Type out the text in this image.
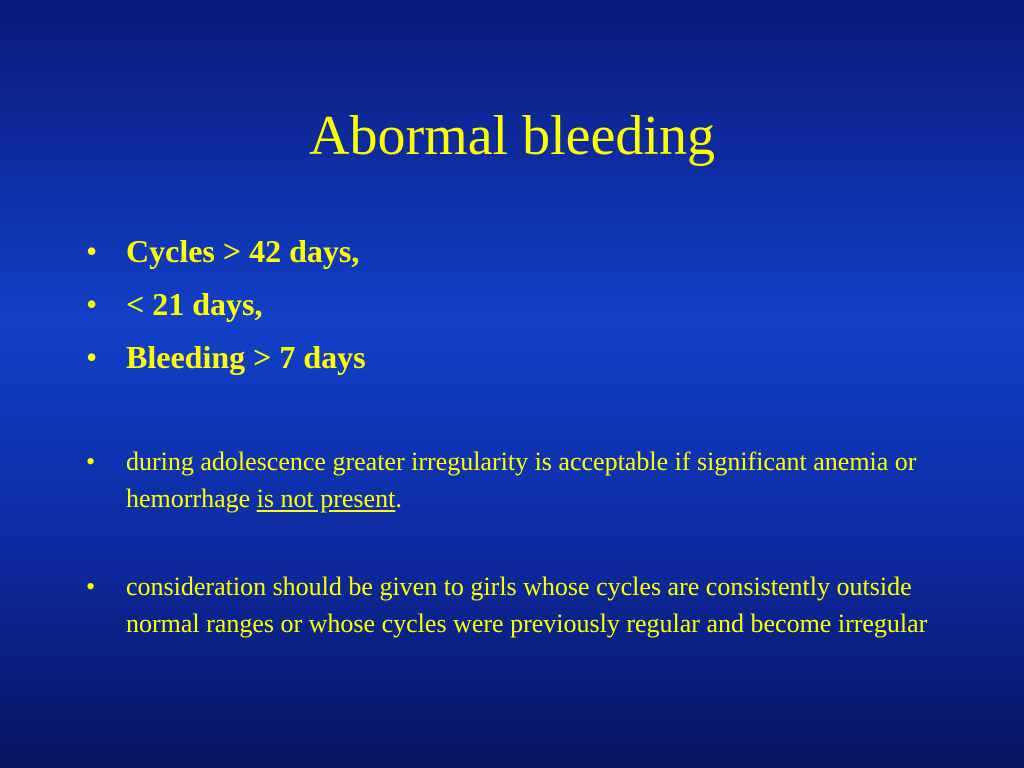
Abormal bleeding
• Cycles > 42 days,
• < 21 days,
• Bleeding > 7 days
• during adolescence greater irregularity is acceptable if significant anemia or hemorrhage is not present.
• consideration should be given to girls whose cycles are consistently outside normal ranges or whose cycles were previously regular and become irregular
